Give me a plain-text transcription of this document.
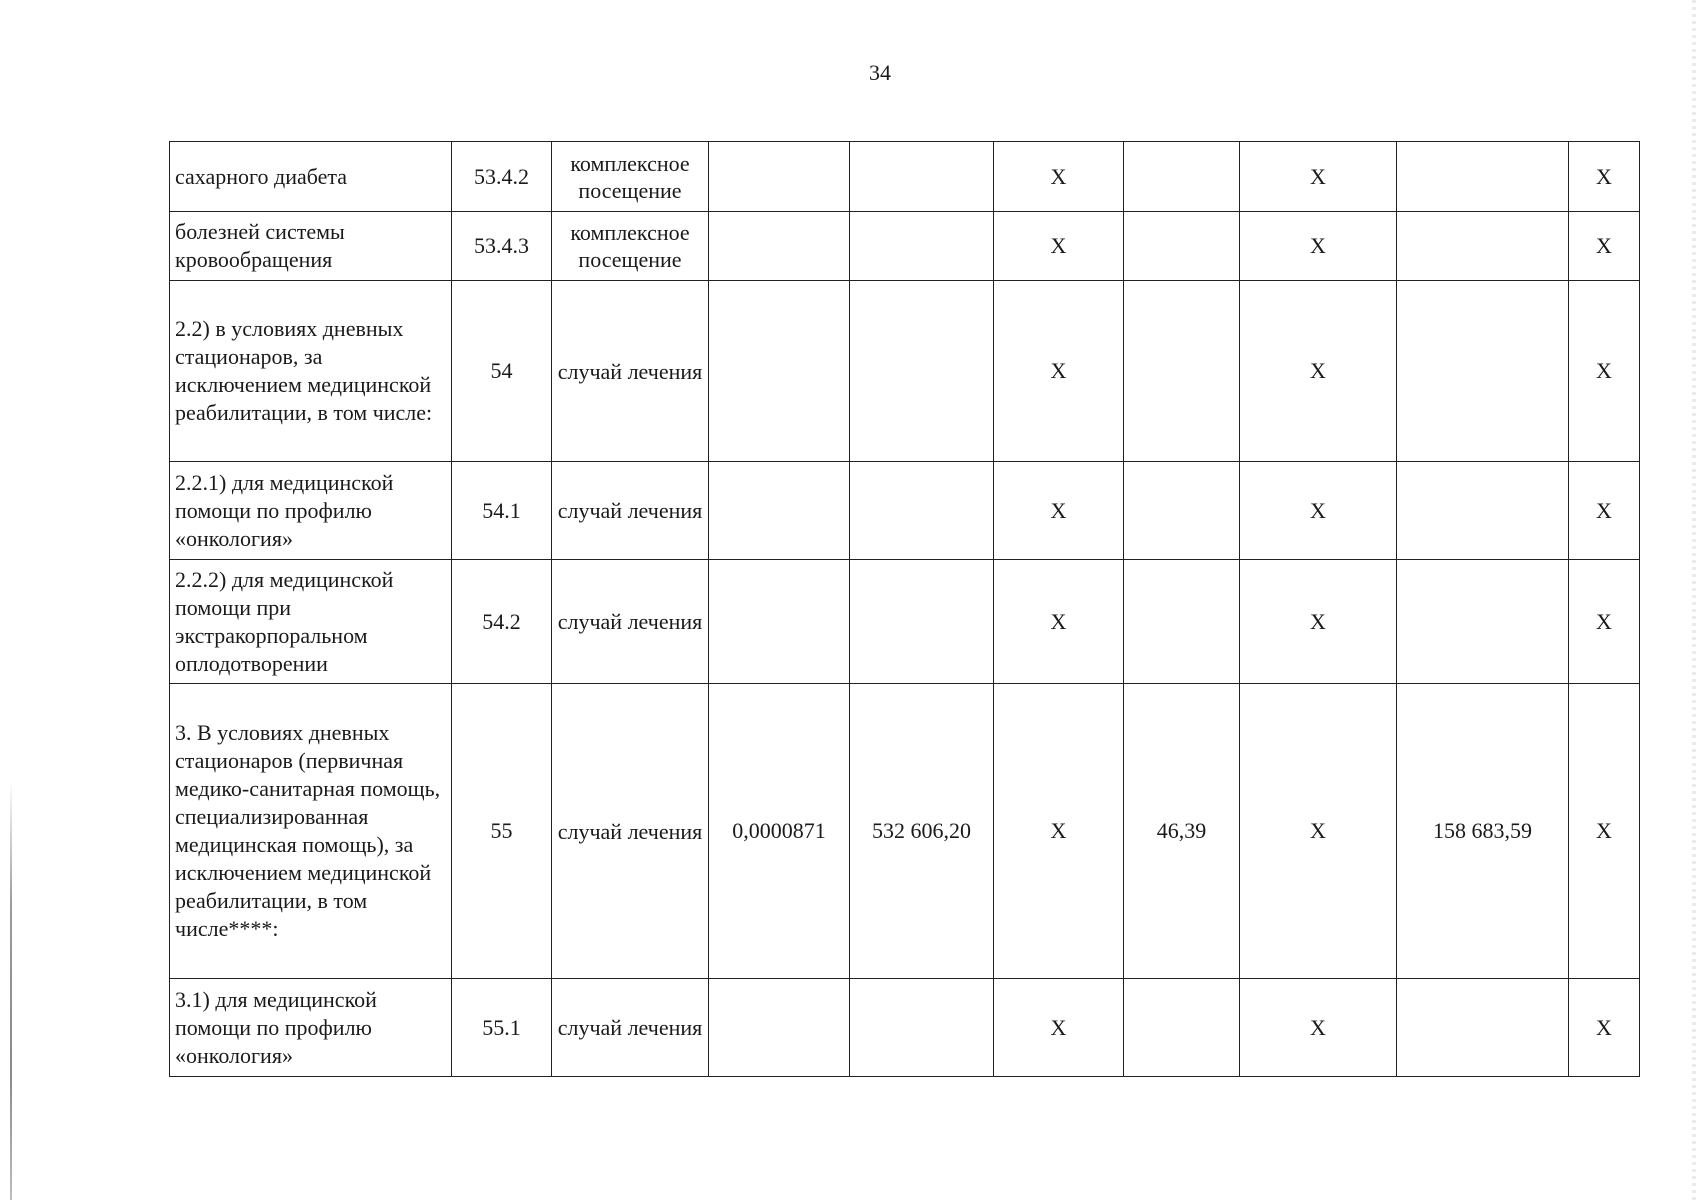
34
сахарного диабета	53.4.2	комплексное посещение			Х		Х		Х
болезней системы кровообращения	53.4.3	комплексное посещение			Х		Х		Х
2.2) в условиях дневных стационаров, за исключением медицинской реабилитации, в том числе:	54	случай лечения			Х		Х		Х
2.2.1) для медицинской помощи по профилю «онкология»	54.1	случай лечения			Х		Х		Х
2.2.2) для медицинской помощи при экстракорпоральном оплодотворении	54.2	случай лечения			Х		Х		Х
3. В условиях дневных стационаров (первичная медико-санитарная помощь, специализированная медицинская помощь), за исключением медицинской реабилитации, в том числе****:	55	случай лечения	0,0000871	532 606,20	Х	46,39	Х	158 683,59	Х
3.1) для медицинской помощи по профилю «онкология»	55.1	случай лечения			Х		Х		Х
